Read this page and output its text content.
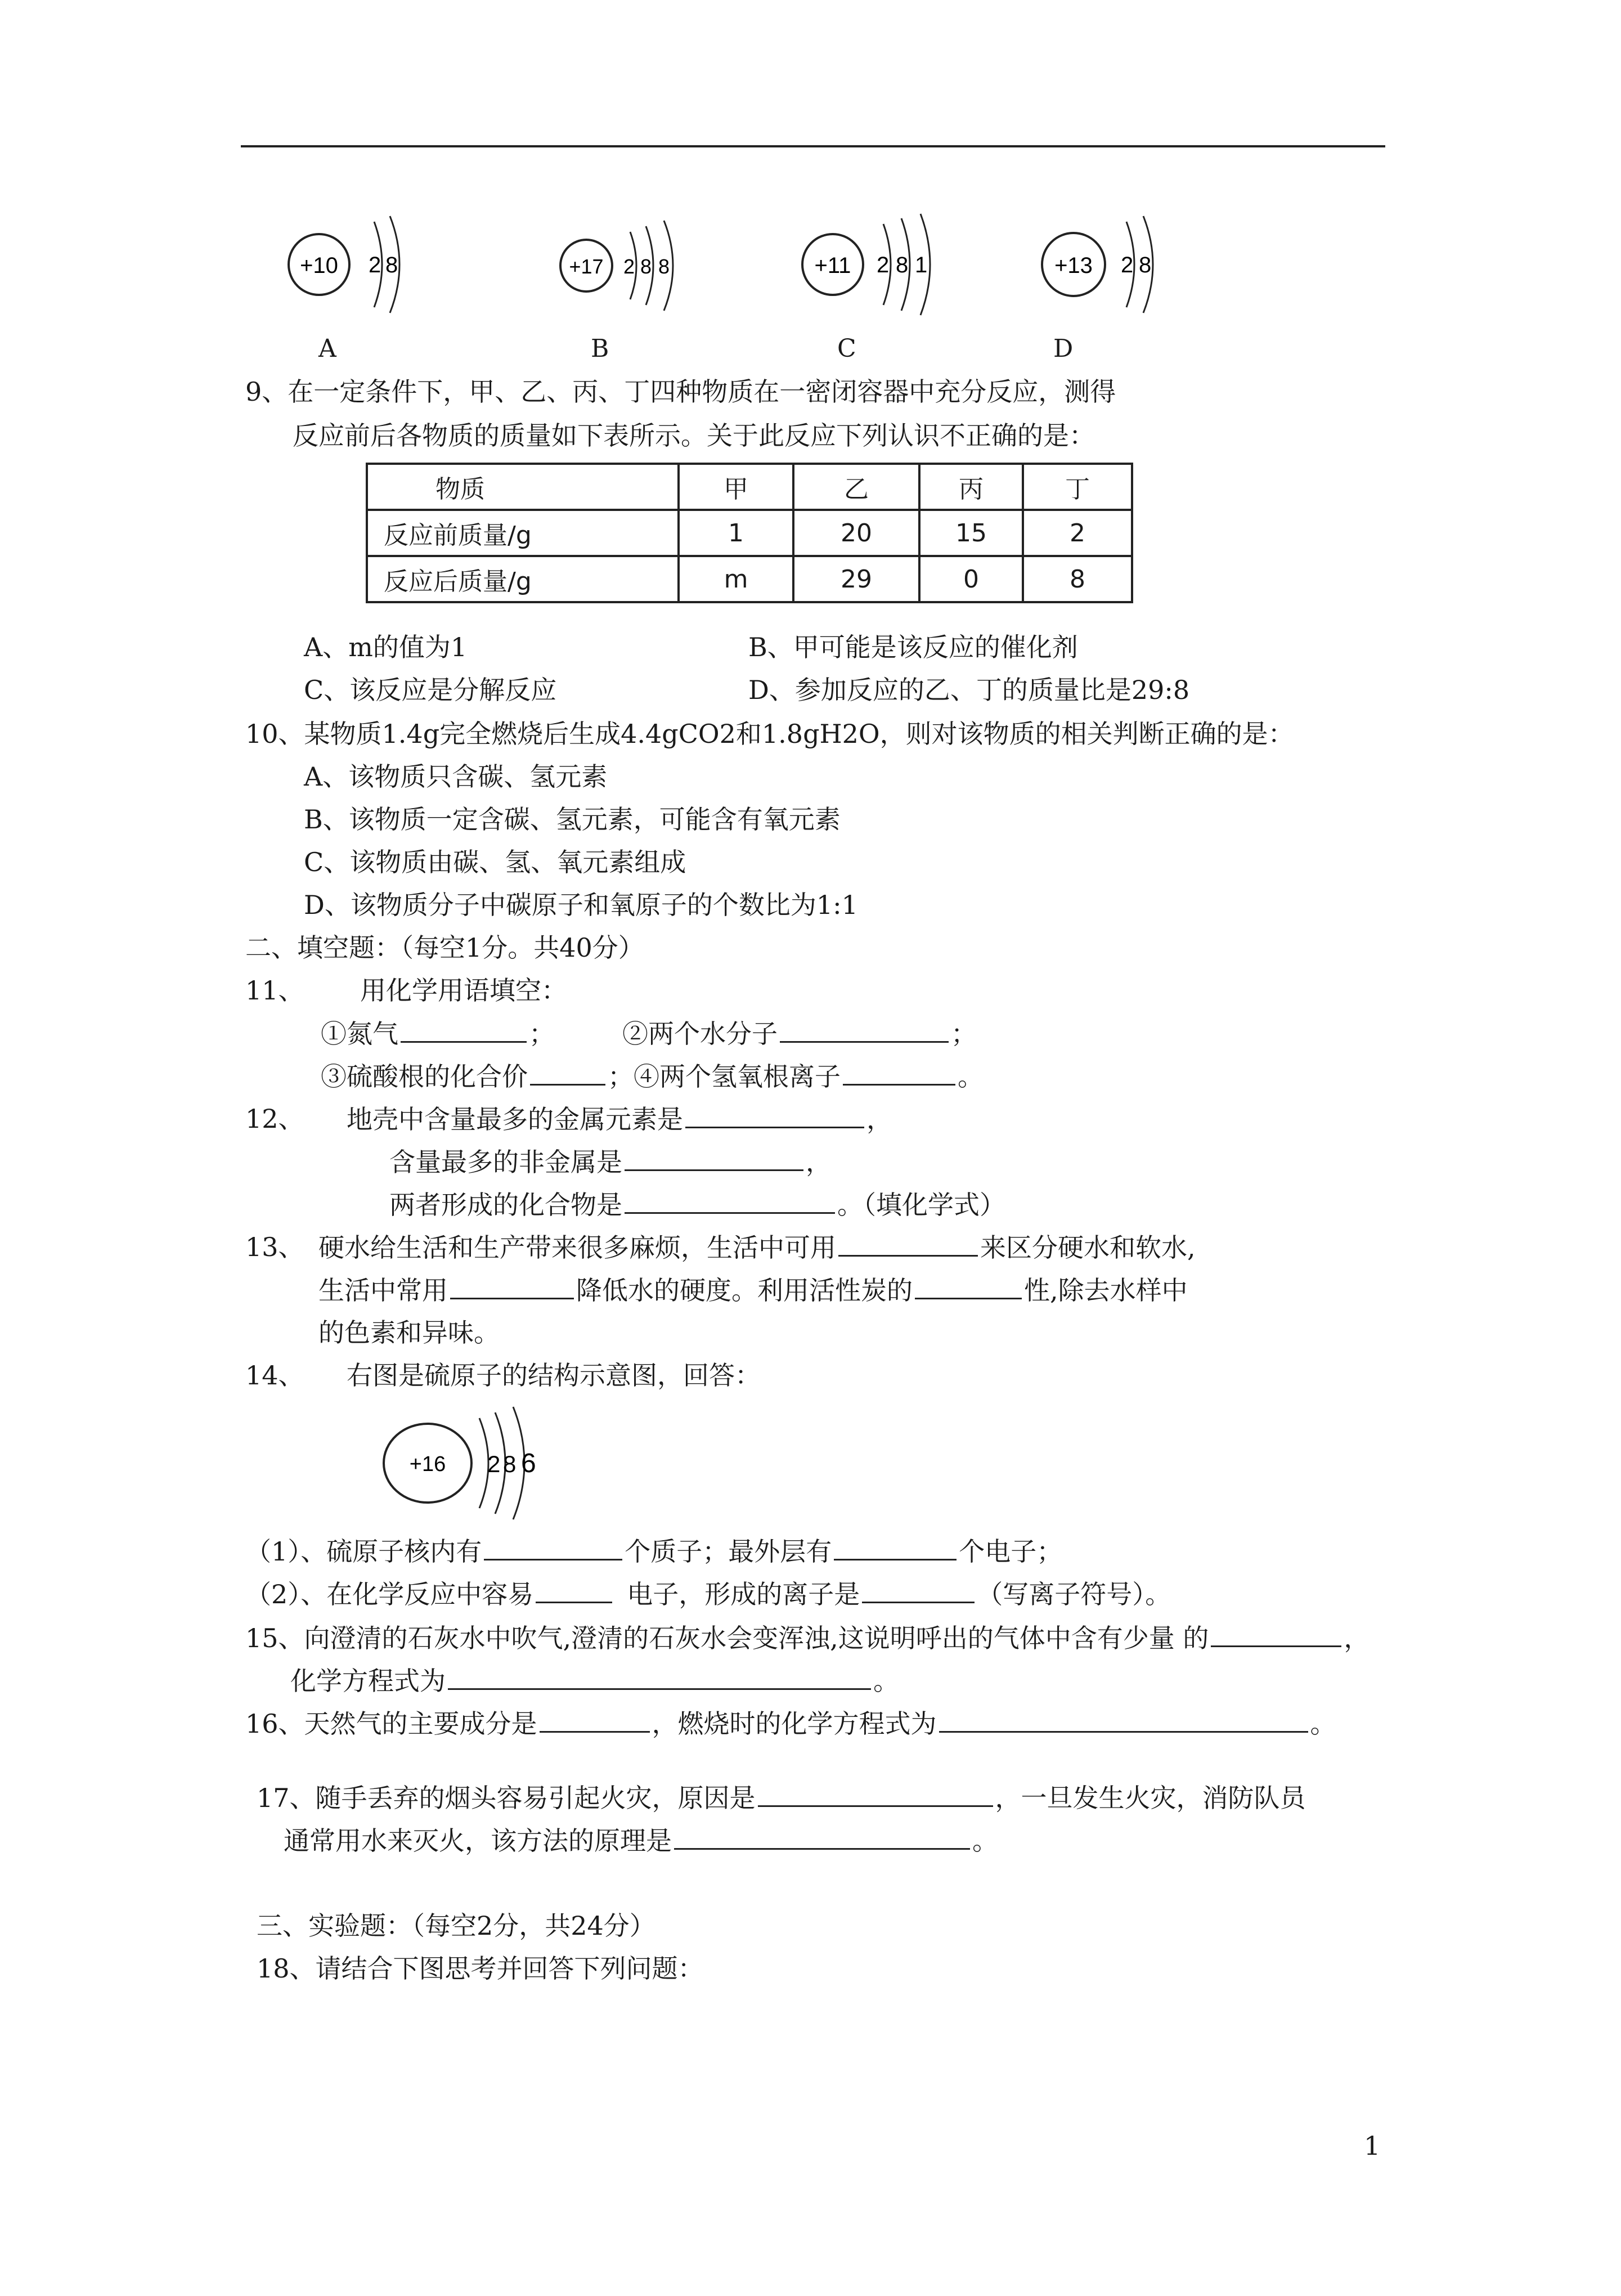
+10 2 8
A
+17 2 8 8
B
+11 2 8 1
C
+13 2 8
D
9、在一定条件下，甲、乙、丙、丁四种物质在一密闭容器中充分反应，测得
反应前后各物质的质量如下表所示。关于此反应下列认识不正确的是：
物质	甲	乙	丙	丁
反应前质量/g	1	20	15	2
反应后质量/g	m	29	0	8
A、m的值为1	B、甲可能是该反应的催化剂
C、该反应是分解反应	D、参加反应的乙、丁的质量比是29:8
10、某物质1.4g完全燃烧后生成4.4gCO2和1.8gH2O，则对该物质的相关判断正确的是：
A、该物质只含碳、氢元素
B、该物质一定含碳、氢元素，可能含有氧元素
C、该物质由碳、氢、氧元素组成
D、该物质分子中碳原子和氧原子的个数比为1:1
二、填空题：（每空1分。共40分）
11、 用化学用语填空：
①氮气	；	②两个水分子	；
③硫酸根的化合价	；④两个氢氧根离子	。
12、 地壳中含量最多的金属元素是	，
含量最多的非金属是	，
两者形成的化合物是	。（填化学式）
13、 硬水给生活和生产带来很多麻烦，生活中可用	来区分硬水和软水,
生活中常用	降低水的硬度。利用活性炭的	性,除去水样中
的色素和异味。
14、 右图是硫原子的结构示意图，回答：
+16 2 8 6
（1）、硫原子核内有	个质子；最外层有	个电子；
（2）、在化学反应中容易	电子，形成的离子是	（写离子符号）。
15、向澄清的石灰水中吹气,澄清的石灰水会变浑浊,这说明呼出的气体中含有少量 的	，
化学方程式为	。
16、天然气的主要成分是	，燃烧时的化学方程式为	。
17、随手丢弃的烟头容易引起火灾，原因是	，一旦发生火灾，消防队员
通常用水来灭火，该方法的原理是	。
三、实验题：（每空2分，共24分）
18、请结合下图思考并回答下列问题：
1
